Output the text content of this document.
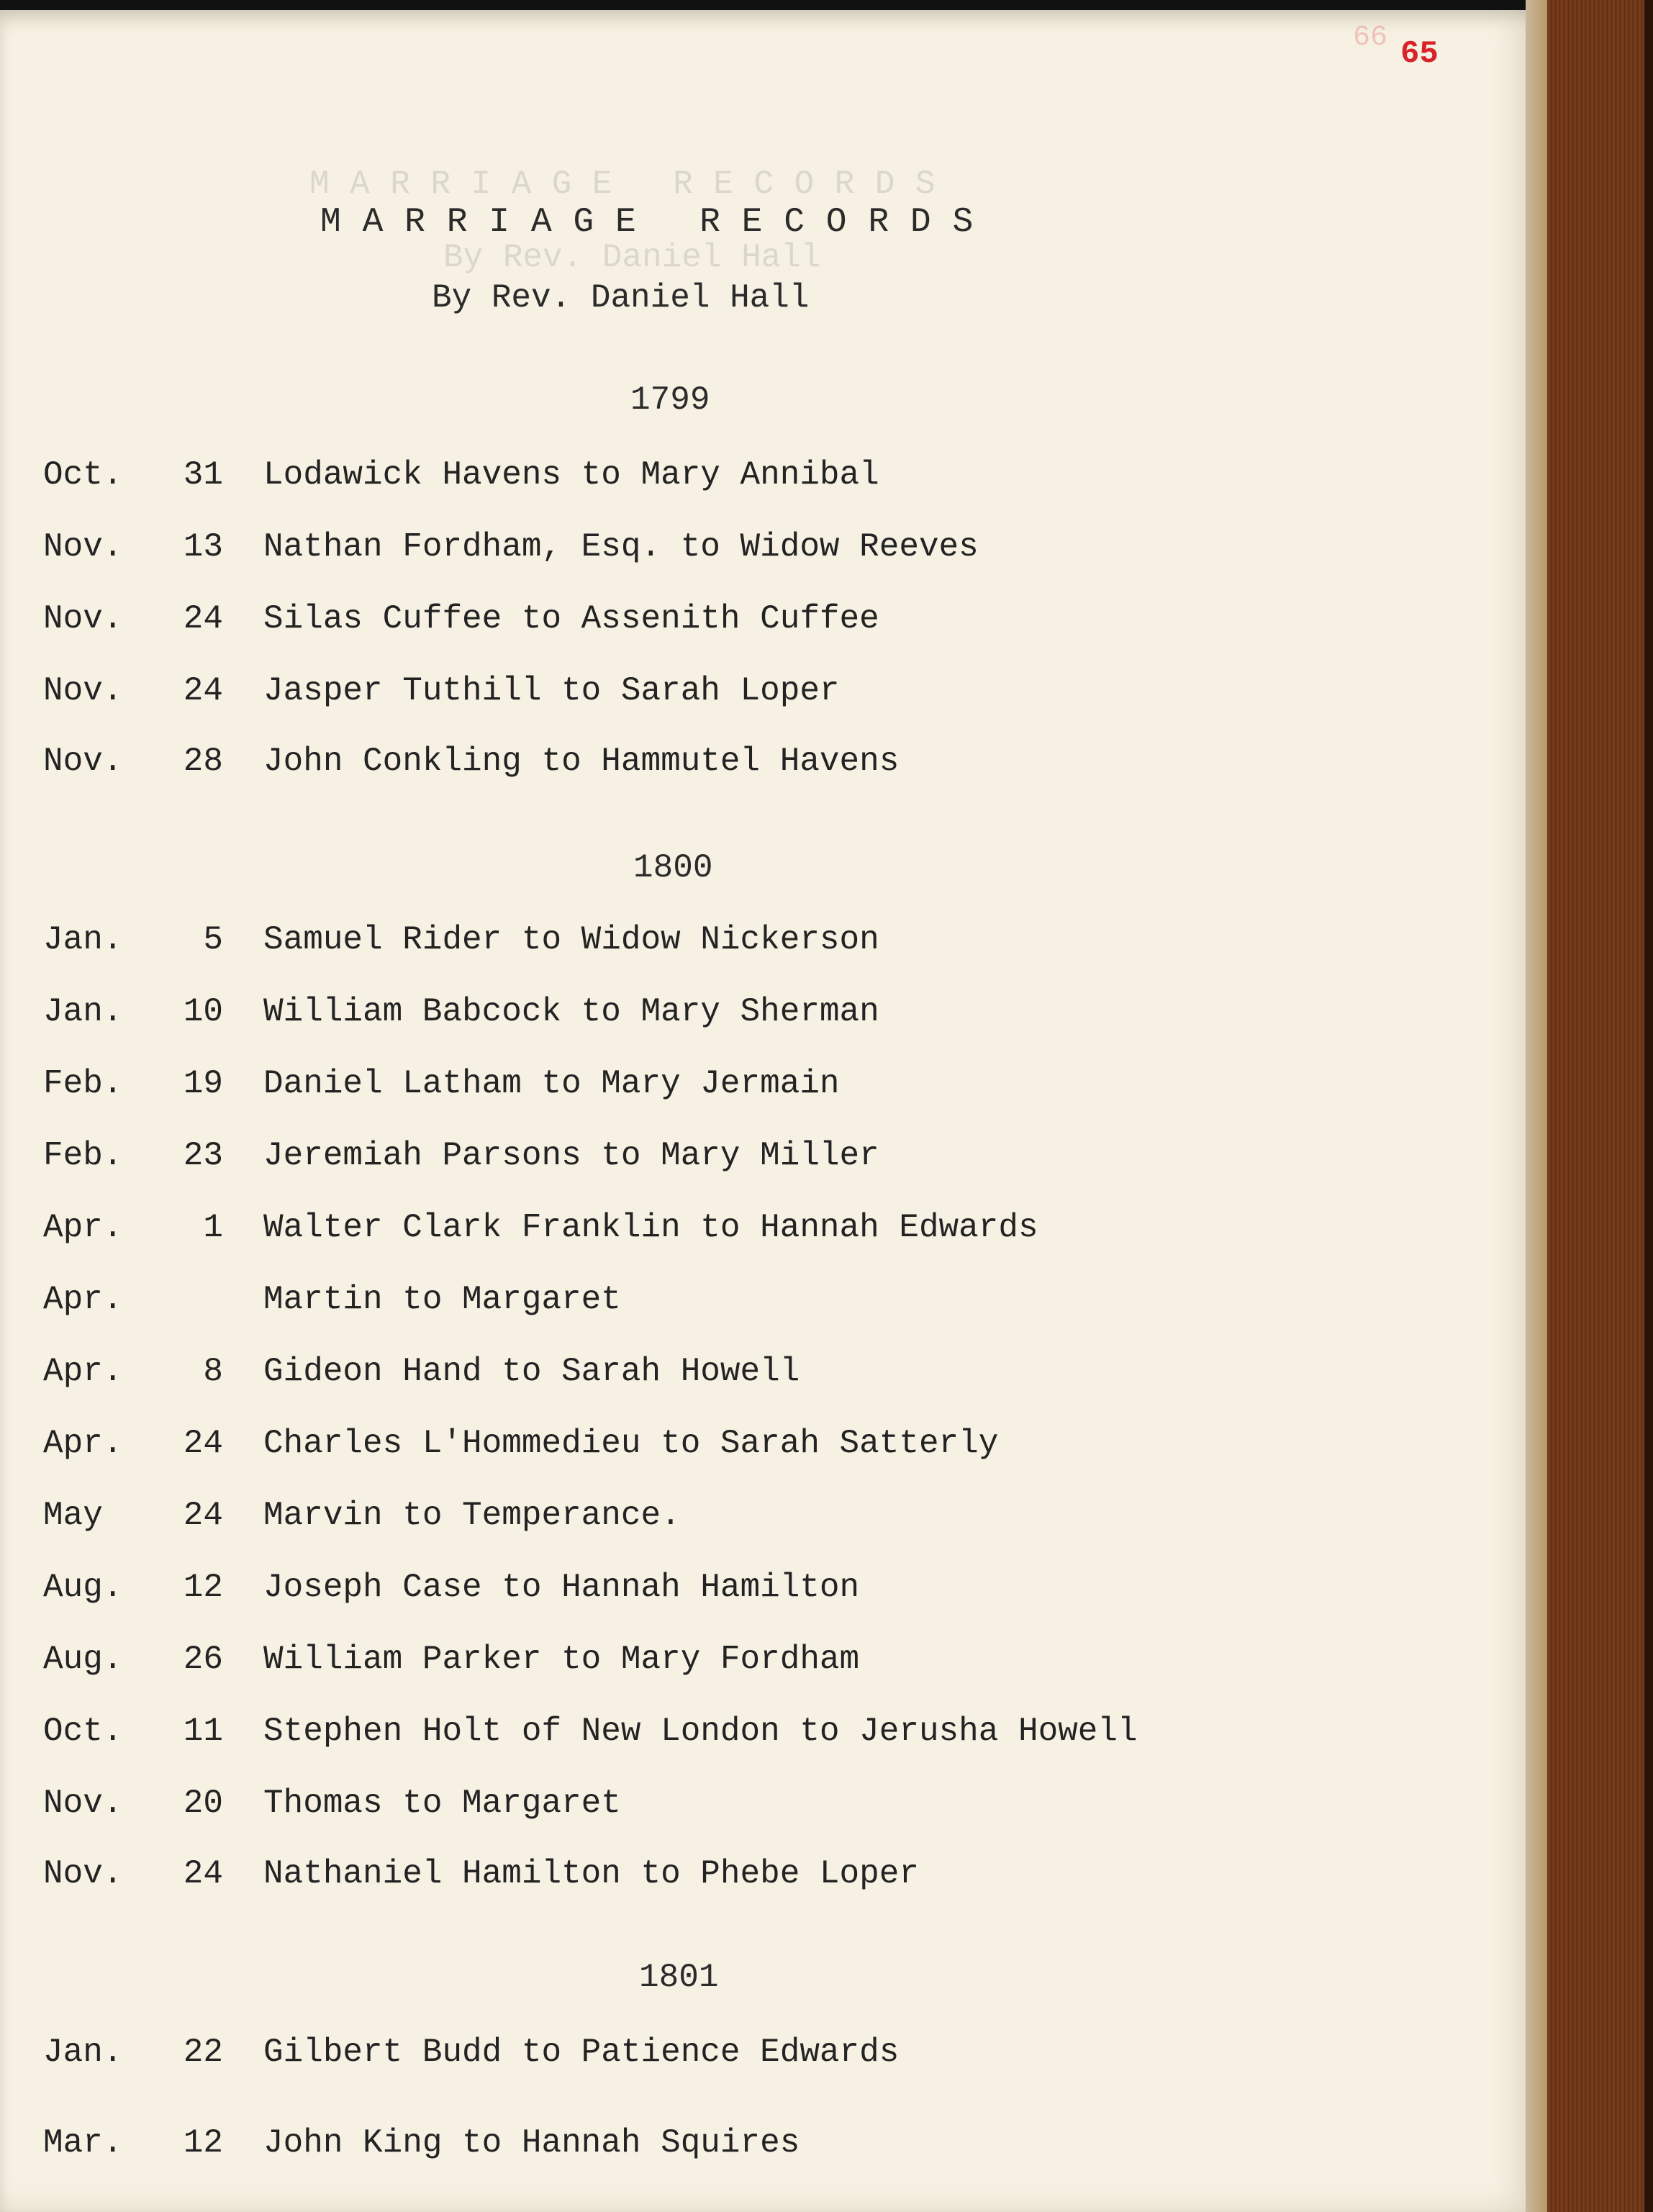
66 65
MARRIAGE RECORDS
By Rev. Daniel Hall
MARRIAGE RECORDS
By Rev. Daniel Hall
1799
Oct.	31 Lodawick Havens to Mary Annibal
Nov.	13 Nathan Fordham, Esq. to Widow Reeves
Nov.	24 Silas Cuffee to Assenith Cuffee
Nov.	24 Jasper Tuthill to Sarah Loper
Nov.	28 John Conkling to Hammutel Havens
1800
Jan.	5 Samuel Rider to Widow Nickerson
Jan.	10 William Babcock to Mary Sherman
Feb.	19 Daniel Latham to Mary Jermain
Feb.	23 Jeremiah Parsons to Mary Miller
Apr.	1 Walter Clark Franklin to Hannah Edwards
Apr.	Martin to Margaret
Apr.	8 Gideon Hand to Sarah Howell
Apr.	24 Charles L'Hommedieu to Sarah Satterly
May	24 Marvin to Temperance.
Aug.	12 Joseph Case to Hannah Hamilton
Aug.	26 William Parker to Mary Fordham
Oct.	11 Stephen Holt of New London to Jerusha Howell
Nov.	20 Thomas to Margaret
Nov.	24 Nathaniel Hamilton to Phebe Loper
1801
Jan.	22 Gilbert Budd to Patience Edwards
Mar.	12 John King to Hannah Squires
